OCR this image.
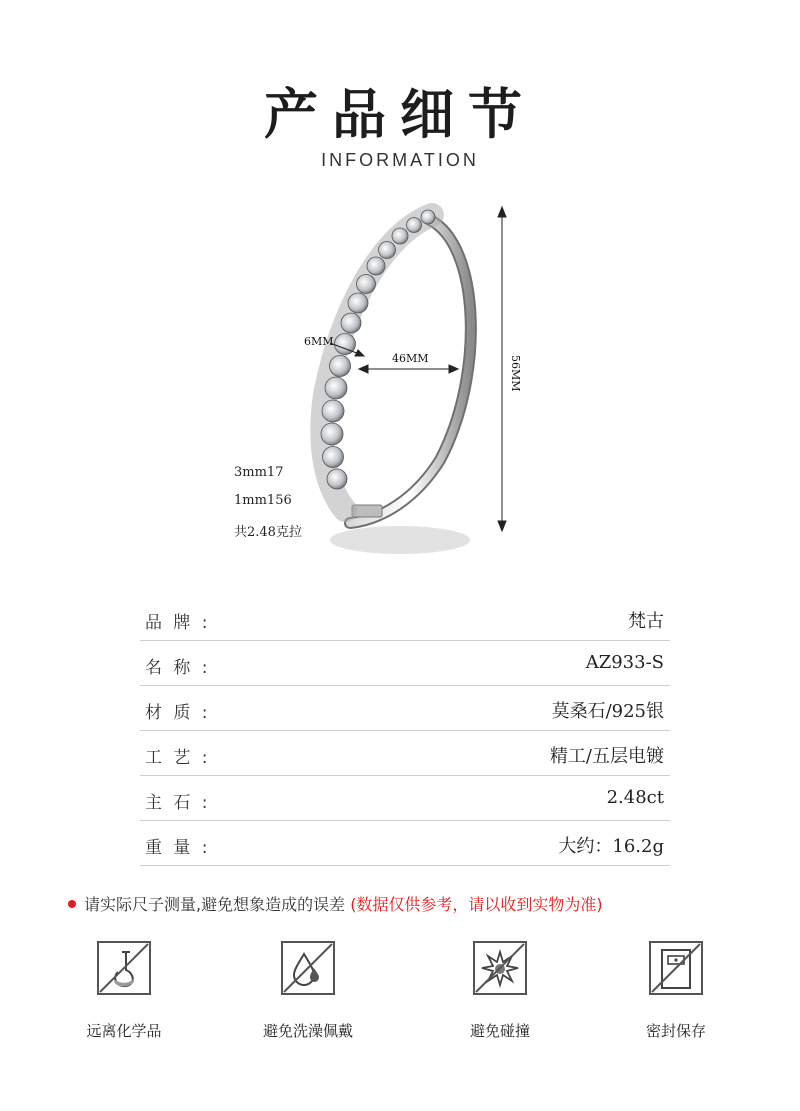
产品细节
INFORMATION
6MM
46MM	56MM
3mm17
1mm156
共2.48克拉
品 牌 :	梵古
名 称 :	AZ933-S
材 质 :	莫桑石/925银
工 艺 :	精工/五层电镀
主 石 :	2.48ct
重 量 :	大约：16.2g
请实际尺子测量,避免想象造成的误差 (数据仅供参考，请以收到实物为准)
远离化学品	避免洗澡佩戴	避免碰撞	密封保存
